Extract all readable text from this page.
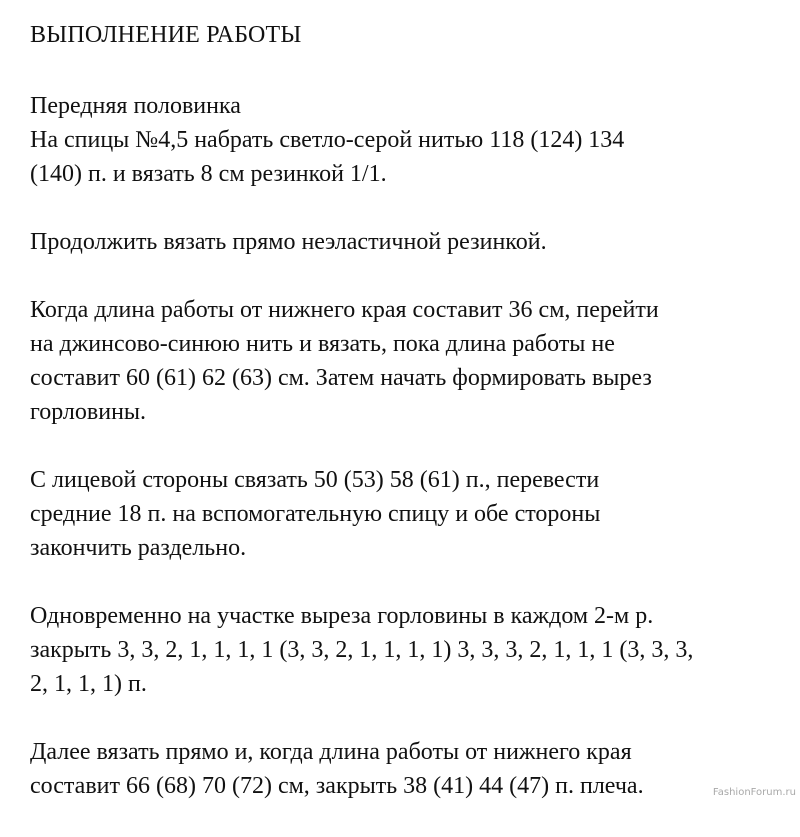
ВЫПОЛНЕНИЕ РАБОТЫ
Передняя половинка
На спицы №4,5 набрать светло-серой нитью 118 (124) 134
(140) п. и вязать 8 см резинкой 1/1.
Продолжить вязать прямо неэластичной резинкой.
Когда длина работы от нижнего края составит 36 см, перейти
на джинсово-синюю нить и вязать, пока длина работы не
составит 60 (61) 62 (63) см. Затем начать формировать вырез
горловины.
С лицевой стороны связать 50 (53) 58 (61) п., перевести
средние 18 п. на вспомогательную спицу и обе стороны
закончить раздельно.
Одновременно на участке выреза горловины в каждом 2-м р.
закрыть 3, 3, 2, 1, 1, 1, 1 (3, 3, 2, 1, 1, 1, 1) 3, 3, 3, 2, 1, 1, 1 (3, 3, 3,
2, 1, 1, 1) п.
Далее вязать прямо и, когда длина работы от нижнего края
составит 66 (68) 70 (72) см, закрыть 38 (41) 44 (47) п. плеча.	FashionForum.ru
